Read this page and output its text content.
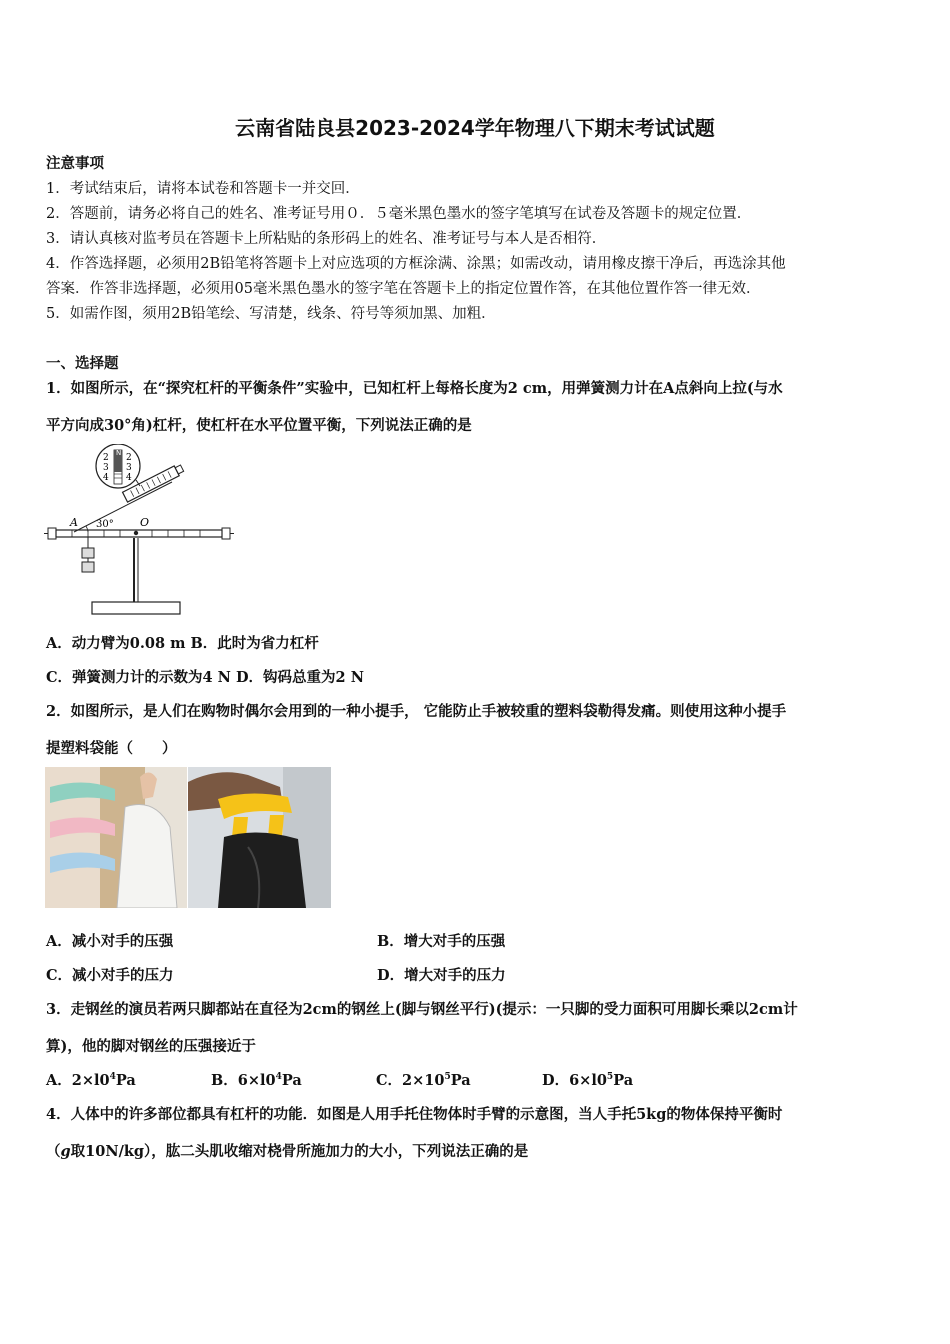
云南省陆良县2023-2024学年物理八下期末考试试题
注意事项
1．考试结束后，请将本试卷和答题卡一并交回．
2．答题前，请务必将自己的姓名、准考证号用０．５毫米黑色墨水的签字笔填写在试卷及答题卡的规定位置．
3．请认真核对监考员在答题卡上所粘贴的条形码上的姓名、准考证号与本人是否相符．
4．作答选择题，必须用2B铅笔将答题卡上对应选项的方框涂满、涂黑；如需改动，请用橡皮擦干净后，再选涂其他
答案．作答非选择题，必须用05毫米黑色墨水的签字笔在答题卡上的指定位置作答，在其他位置作答一律无效．
5．如需作图，须用2B铅笔绘、写清楚，线条、符号等须加黑、加粗．
一、选择题
1．如图所示，在“探究杠杆的平衡条件”实验中，已知杠杆上每格长度为2 cm，用弹簧测力计在A点斜向上拉(与水
平方向成30°角)杠杆，使杠杆在水平位置平衡，下列说法正确的是
O
A 30°
N
2
3
4
2
3
4
A．动力臂为0.08 m B．此时为省力杠杆
C．弹簧测力计的示数为4 N D．钩码总重为2 N
2．如图所示，是人们在购物时偶尔会用到的一种小提手， 它能防止手被较重的塑料袋勒得发痛。则使用这种小提手
提塑料袋能（　　）
A．减小对手的压强	B．增大对手的压强
C．减小对手的压力	D．增大对手的压力
3．走钢丝的演员若两只脚都站在直径为2cm的钢丝上(脚与钢丝平行)(提示：一只脚的受力面积可用脚长乘以2cm计
算)，他的脚对钢丝的压强接近于
A．$2\times l0^4Pa$	B．$6\times l0^4Pa$	C．$2\times 10^5Pa$	D．$6\times l0^5Pa$
4．人体中的许多部位都具有杠杆的功能．如图是人用手托住物体时手臂的示意图，当人手托5kg的物体保持平衡时
（g取10N/kg），肱二头肌收缩对桡骨所施加力的大小，下列说法正确的是
